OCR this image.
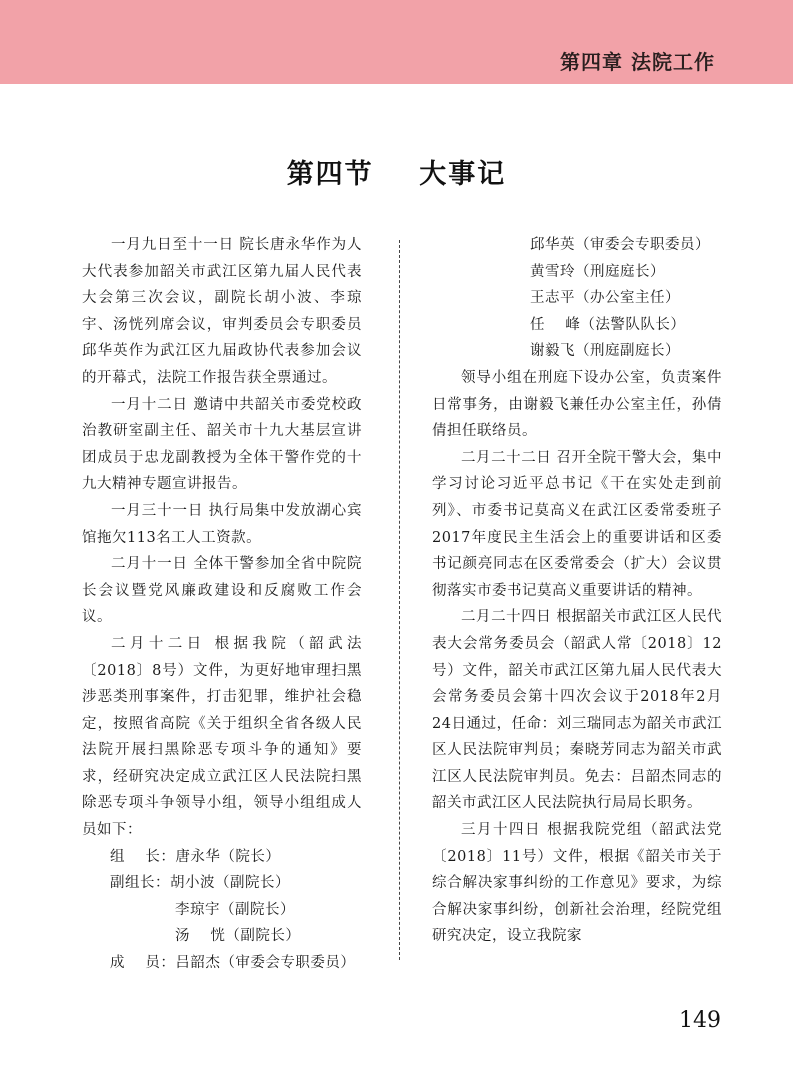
第四章 法院工作
第四节    大事记

一月九日至十一日 院长唐永华作为人大代表参加韶关市武江区第九届人民代表大会第三次会议，副院长胡小波、李琼宇、汤恍列席会议，审判委员会专职委员邱华英作为武江区九届政协代表参加会议的开幕式，法院工作报告获全票通过。

一月十二日 邀请中共韶关市委党校政治教研室副主任、韶关市十九大基层宣讲团成员于忠龙副教授为全体干警作党的十九大精神专题宣讲报告。

一月三十一日 执行局集中发放湖心宾馆拖欠113名工人工资款。

二月十一日 全体干警参加全省中院院长会议暨党风廉政建设和反腐败工作会议。

二月十二日 根据我院（韶武法〔2018〕8号）文件，为更好地审理扫黑涉恶类刑事案件，打击犯罪，维护社会稳定，按照省高院《关于组织全省各级人民法院开展扫黑除恶专项斗争的通知》要求，经研究决定成立武江区人民法院扫黑除恶专项斗争领导小组，领导小组组成人员如下：

组    长：唐永华（院长）

副组长：胡小波（副院长）

李琼宇（副院长）

汤    恍（副院长）

成    员：吕韶杰（审委会专职委员）

邱华英（审委会专职委员）

黄雪玲（刑庭庭长）

王志平（办公室主任）

任    峰（法警队队长）

谢毅飞（刑庭副庭长）

领导小组在刑庭下设办公室，负责案件日常事务，由谢毅飞兼任办公室主任，孙倩倩担任联络员。

二月二十二日 召开全院干警大会，集中学习讨论习近平总书记《干在实处走到前列》、市委书记莫高义在武江区委常委班子2017年度民主生活会上的重要讲话和区委书记颜亮同志在区委常委会（扩大）会议贯彻落实市委书记莫高义重要讲话的精神。

二月二十四日 根据韶关市武江区人民代表大会常务委员会（韶武人常〔2018〕12号）文件，韶关市武江区第九届人民代表大会常务委员会第十四次会议于2018年2月24日通过，任命：刘三瑞同志为韶关市武江区人民法院审判员；秦晓芳同志为韶关市武江区人民法院审判员。免去：吕韶杰同志的韶关市武江区人民法院执行局局长职务。

三月十四日 根据我院党组（韶武法党〔2018〕11号）文件，根据《韶关市关于综合解决家事纠纷的工作意见》要求，为综合解决家事纠纷，创新社会治理，经院党组研究决定，设立我院家

149
